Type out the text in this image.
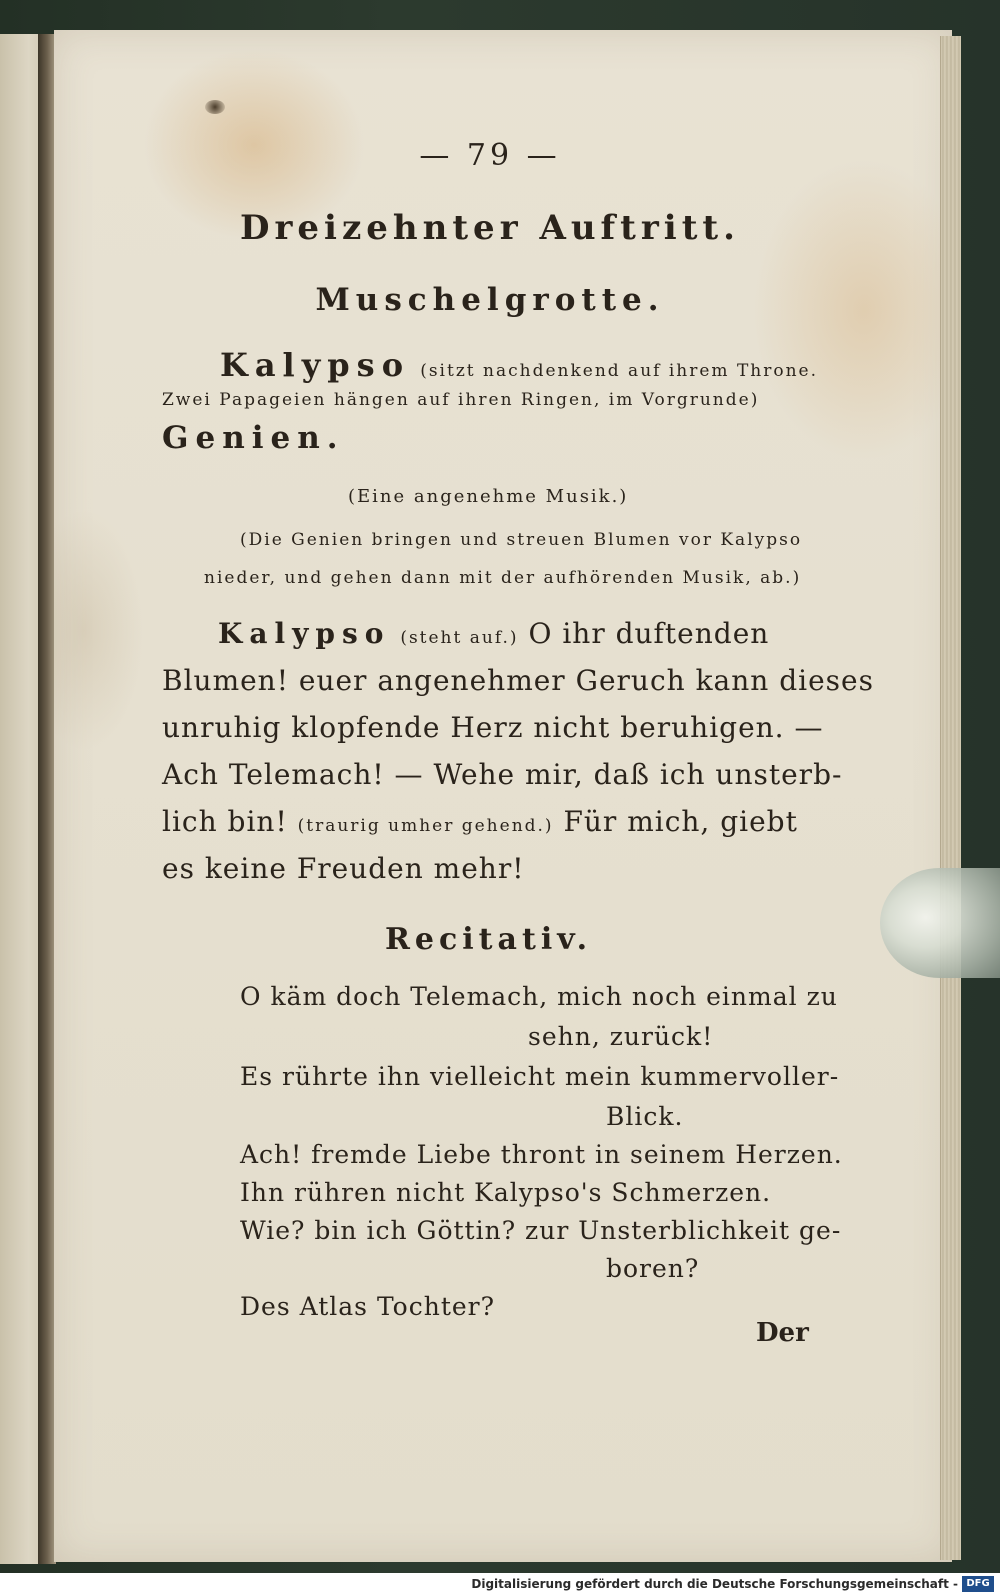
— 79 —
Dreizehnter Auftritt.
Muschelgrotte.
Kalypso (sitzt nachdenkend auf ihrem Throne.
Zwei Papageien hängen auf ihren Ringen, im Vorgrunde)
Genien.
(Eine angenehme Musik.)
(Die Genien bringen und streuen Blumen vor Kalypso
nieder, und gehen dann mit der aufhörenden Musik, ab.)
Kalypso (steht auf.) O ihr duftenden
Blumen! euer angenehmer Geruch kann dieses
unruhig klopfende Herz nicht beruhigen. —
Ach Telemach! — Wehe mir, daß ich unsterb-
lich bin! (traurig umher gehend.) Für mich, giebt
es keine Freuden mehr!
Recitativ.
O käm doch Telemach, mich noch einmal zu
sehn, zurück!
Es rührte ihn vielleicht mein kummervoller-
Blick.
Ach! fremde Liebe thront in seinem Herzen.
Ihn rühren nicht Kalypso's Schmerzen.
Wie? bin ich Göttin? zur Unsterblichkeit ge-
boren?
Des Atlas Tochter?
Der
Digitalisierung gefördert durch die Deutsche Forschungsgemeinschaft - DFG
